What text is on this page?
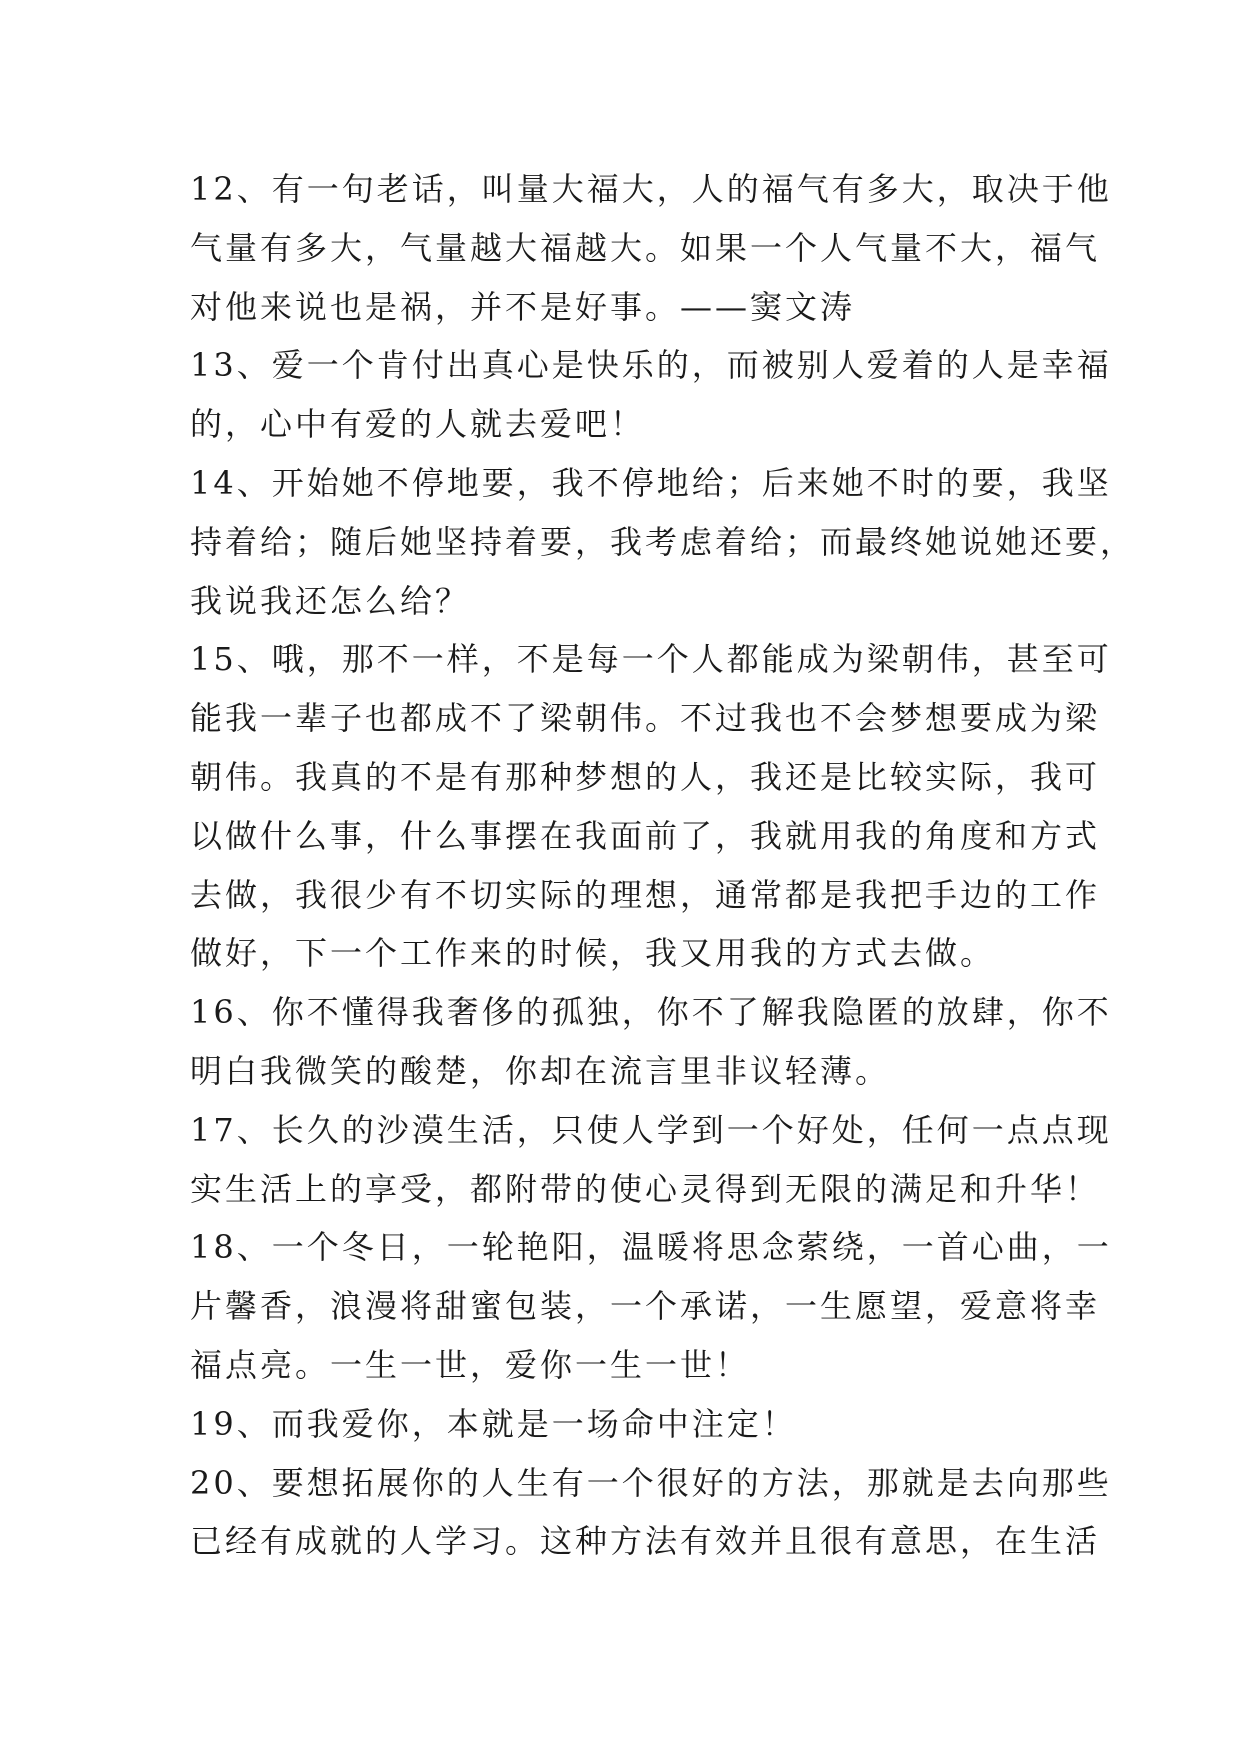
12、有一句老话，叫量大福大，人的福气有多大，取决于他
气量有多大，气量越大福越大。如果一个人气量不大，福气
对他来说也是祸，并不是好事。——窦文涛

13、爱一个肯付出真心是快乐的，而被别人爱着的人是幸福
的，心中有爱的人就去爱吧！

14、开始她不停地要，我不停地给；后来她不时的要，我坚
持着给；随后她坚持着要，我考虑着给；而最终她说她还要，
我说我还怎么给？

15、哦，那不一样，不是每一个人都能成为梁朝伟，甚至可
能我一辈子也都成不了梁朝伟。不过我也不会梦想要成为梁
朝伟。我真的不是有那种梦想的人，我还是比较实际，我可
以做什么事，什么事摆在我面前了，我就用我的角度和方式
去做，我很少有不切实际的理想，通常都是我把手边的工作
做好，下一个工作来的时候，我又用我的方式去做。

16、你不懂得我奢侈的孤独，你不了解我隐匿的放肆，你不
明白我微笑的酸楚，你却在流言里非议轻薄。

17、长久的沙漠生活，只使人学到一个好处，任何一点点现
实生活上的享受，都附带的使心灵得到无限的满足和升华！

18、一个冬日，一轮艳阳，温暖将思念萦绕，一首心曲，一
片馨香，浪漫将甜蜜包装，一个承诺，一生愿望，爱意将幸
福点亮。一生一世，爱你一生一世！

19、而我爱你，本就是一场命中注定！

20、要想拓展你的人生有一个很好的方法，那就是去向那些
已经有成就的人学习。这种方法有效并且很有意思，在生活
